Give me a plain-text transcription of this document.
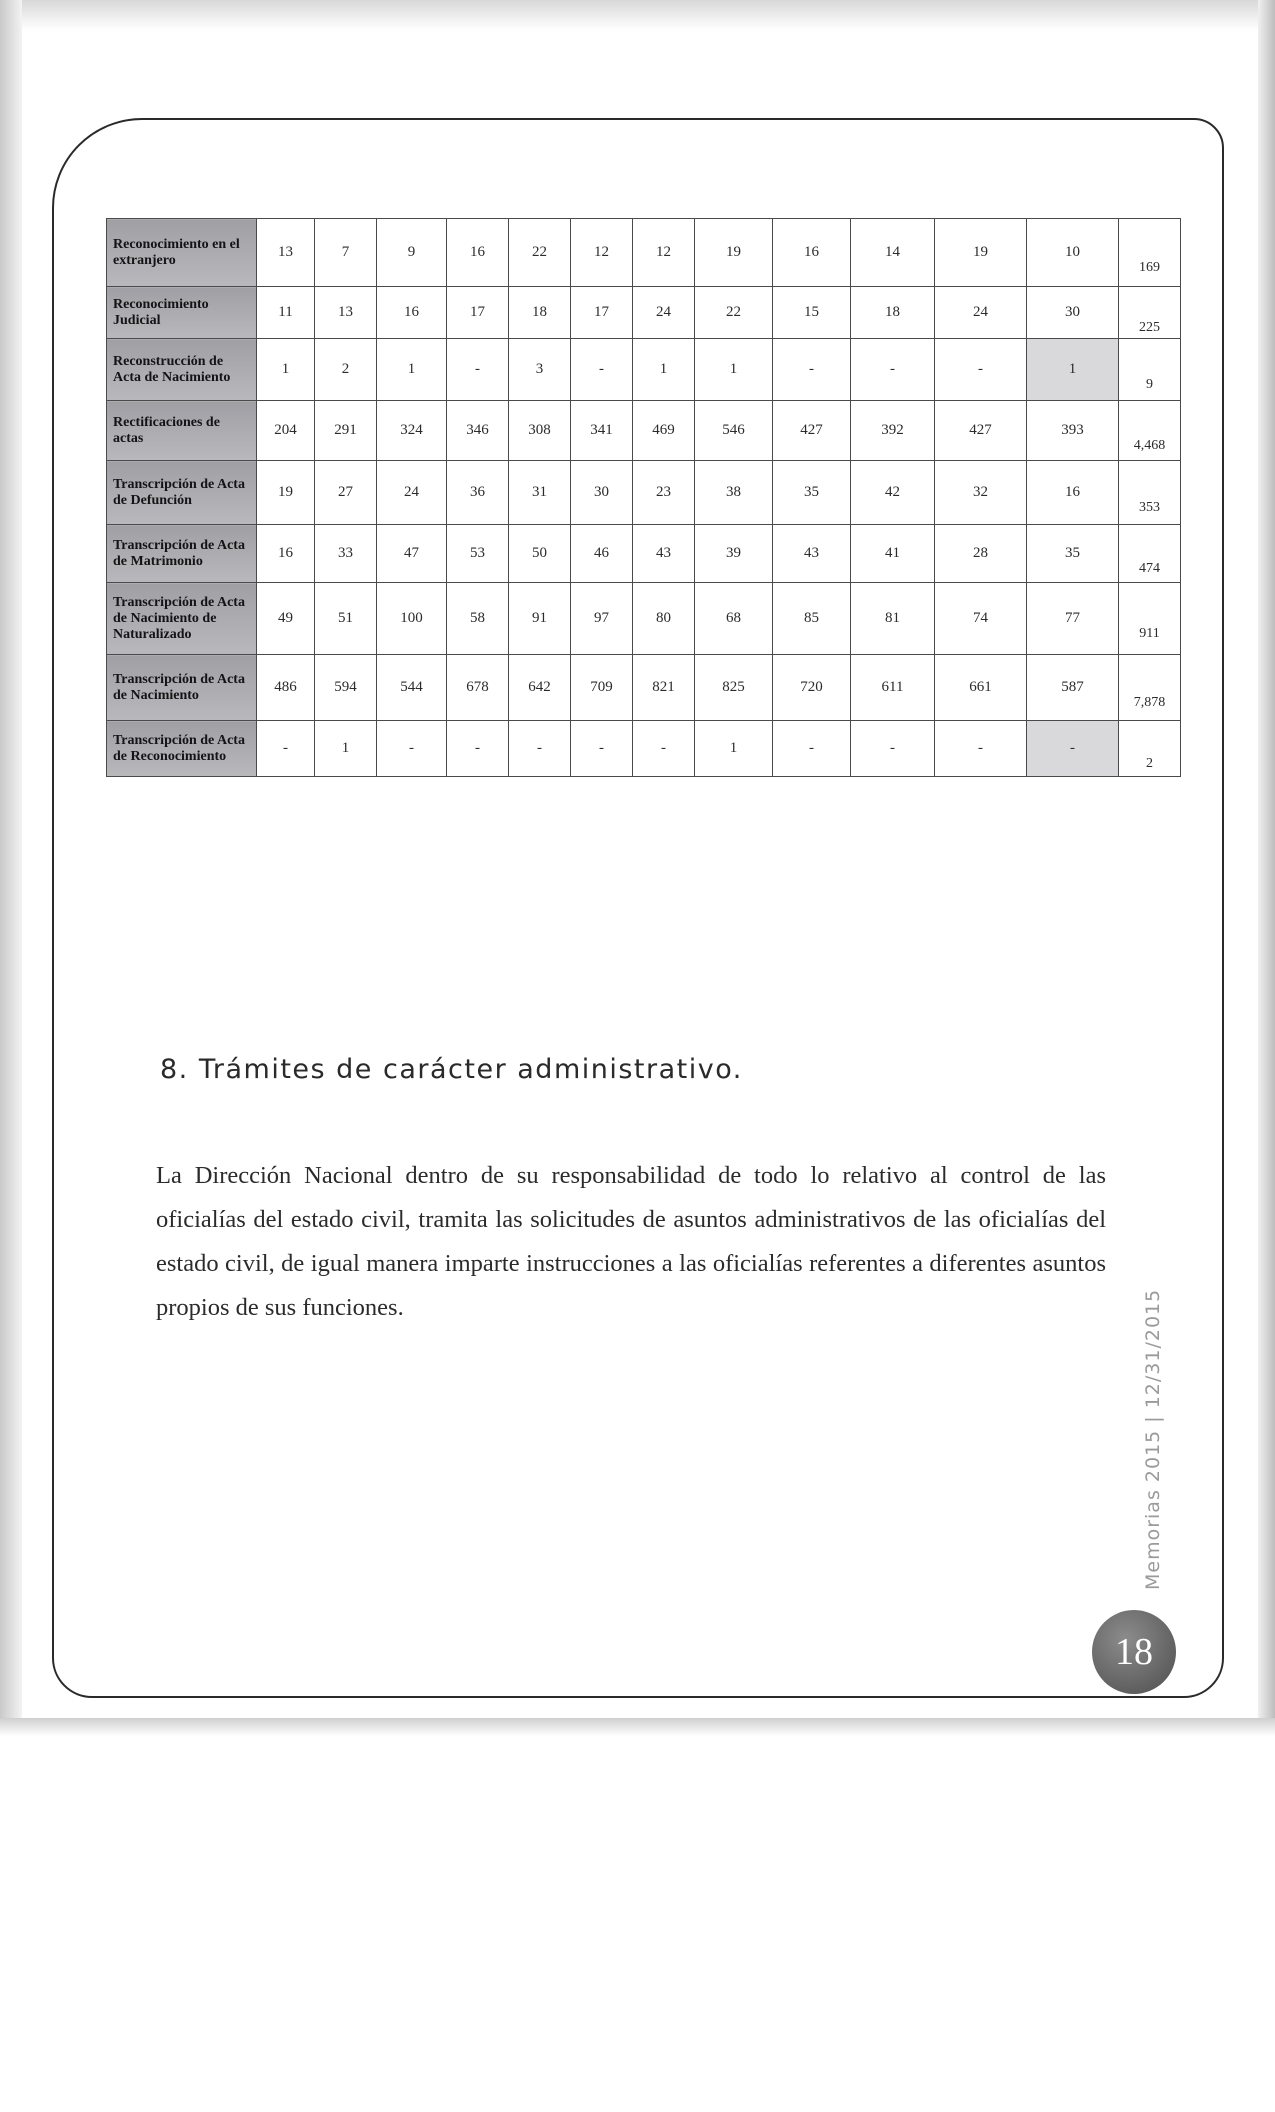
Reconocimiento en el extranjero	13	7	9	16	22	12	12	19	16	14	19	10	169
Reconocimiento Judicial	11	13	16	17	18	17	24	22	15	18	24	30	225
Reconstrucción de Acta de Nacimiento	1	2	1	-	3	-	1	1	-	-	-	1	9
Rectificaciones de actas	204	291	324	346	308	341	469	546	427	392	427	393	4,468
Transcripción de Acta de Defunción	19	27	24	36	31	30	23	38	35	42	32	16	353
Transcripción de Acta de Matrimonio	16	33	47	53	50	46	43	39	43	41	28	35	474
Transcripción de Acta de Nacimiento de Naturalizado	49	51	100	58	91	97	80	68	85	81	74	77	911
Transcripción de Acta de Nacimiento	486	594	544	678	642	709	821	825	720	611	661	587	7,878
Transcripción de Acta de Reconocimiento	-	1	-	-	-	-	-	1	-	-	-	-	2
8. Trámites de carácter administrativo.

La Dirección Nacional dentro de su responsabilidad de todo lo relativo al control de las oficialías del estado civil, tramita las solicitudes de asuntos administrativos de las oficialías del estado civil, de igual manera imparte instrucciones a las oficialías referentes a diferentes asuntos propios de sus funciones.	Memorias 2015 | 12/31/2015
18
